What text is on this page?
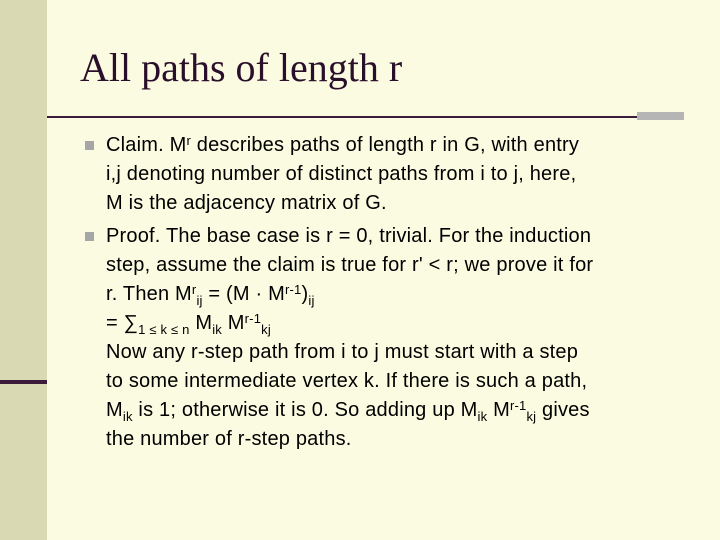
All paths of length r
Claim. $M^r$ describes paths of length r in G, with entry
i,j denoting number of distinct paths from i to j, here,
M is the adjacency matrix of G.
Proof. The base case is r = 0, trivial. For the induction
step, assume the claim is true for r' < r; we prove it for
r. Then $M^r_{ij} = (M \cdot M^{r-1})_{ij}$
= $\sum_{1 \le k \le n}$ $M_{ik}$ $M^{r-1}_{kj}$
Now any r-step path from i to j must start with a step
to some intermediate vertex k. If there is such a path,
$M_{ik}$ is 1; otherwise it is 0. So adding up $M_{ik}$ $M^{r-1}_{kj}$ gives
the number of r-step paths.
